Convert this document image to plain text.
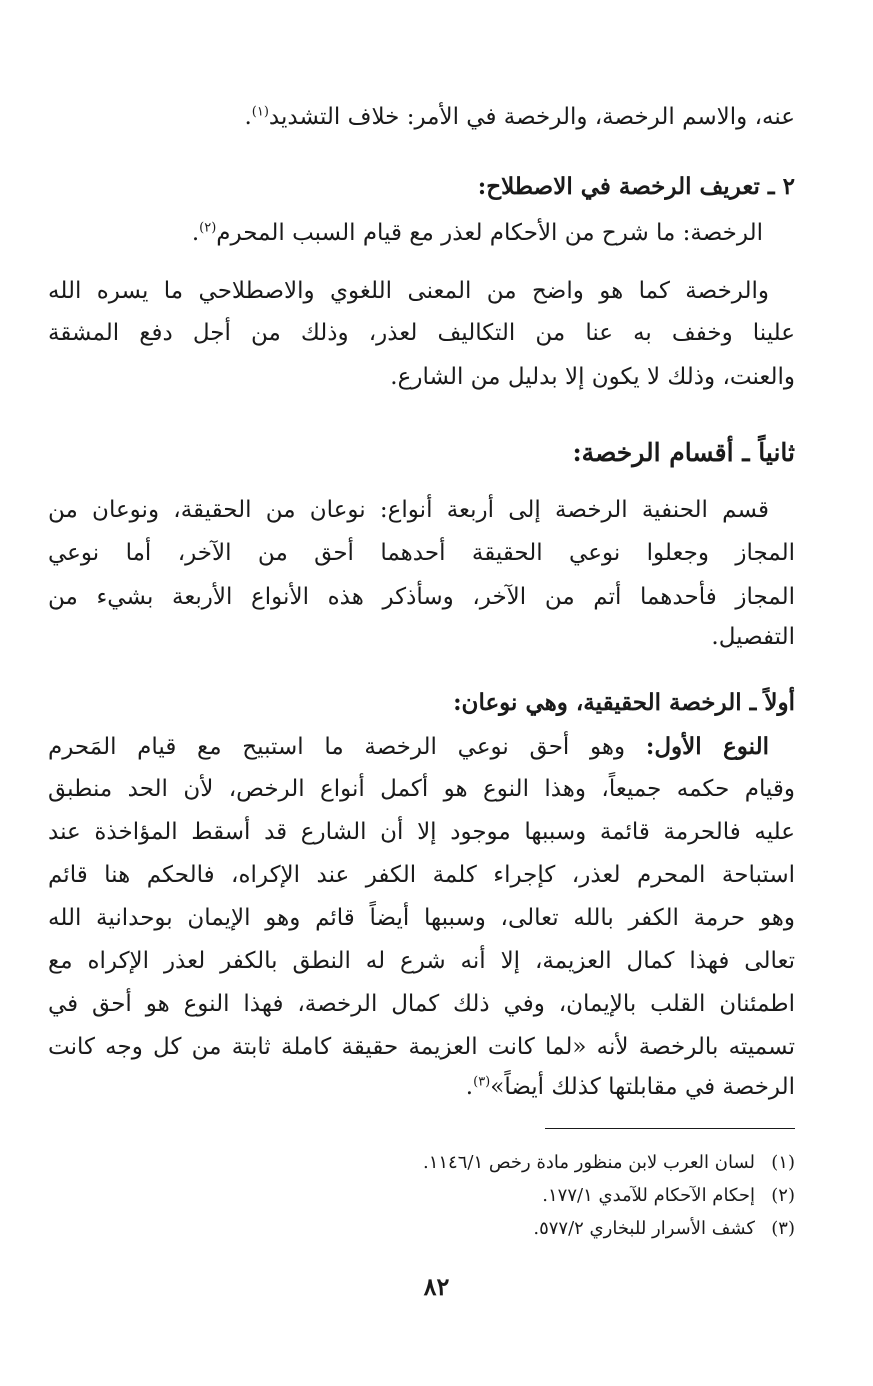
عنه، والاسم الرخصة، والرخصة في الأمر: خلاف التشديد$^{(١)}$.
٢ ـ تعريف الرخصة في الاصطلاح:
الرخصة: ما شرح من الأحكام لعذر مع قيام السبب المحرم$^{(٢)}$.
والرخصة كما هو واضح من المعنى اللغوي والاصطلاحي ما يسره الله
علينا وخفف به عنا من التكاليف لعذر، وذلك من أجل دفع المشقة
والعنت، وذلك لا يكون إلا بدليل من الشارع.
ثانياً ـ أقسام الرخصة:
قسم الحنفية الرخصة إلى أربعة أنواع: نوعان من الحقيقة، ونوعان من
المجاز وجعلوا نوعي الحقيقة أحدهما أحق من الآخر، أما نوعي
المجاز فأحدهما أتم من الآخر، وسأذكر هذه الأنواع الأربعة بشيء من
التفصيل.
أولاً ـ الرخصة الحقيقية، وهي نوعان:
النوع الأول: وهو أحق نوعي الرخصة ما استبيح مع قيام المَحرم
وقيام حكمه جميعاً، وهذا النوع هو أكمل أنواع الرخص، لأن الحد منطبق
عليه فالحرمة قائمة وسببها موجود إلا أن الشارع قد أسقط المؤاخذة عند
استباحة المحرم لعذر، كإجراء كلمة الكفر عند الإكراه، فالحكم هنا قائم
وهو حرمة الكفر بالله تعالى، وسببها أيضاً قائم وهو الإيمان بوحدانية الله
تعالى فهذا كمال العزيمة، إلا أنه شرع له النطق بالكفر لعذر الإكراه مع
اطمئنان القلب بالإيمان، وفي ذلك كمال الرخصة، فهذا النوع هو أحق في
تسميته بالرخصة لأنه «لما كانت العزيمة حقيقة كاملة ثابتة من كل وجه كانت
الرخصة في مقابلتها كذلك أيضاً»$^{(٣)}$.
(١)لسان العرب لابن منظور مادة رخص ١١٤٦/١.
(٢)إحكام الآحكام للآمدي ١٧٧/١.
(٣)كشف الأسرار للبخاري ٥٧٧/٢.
٨٢
